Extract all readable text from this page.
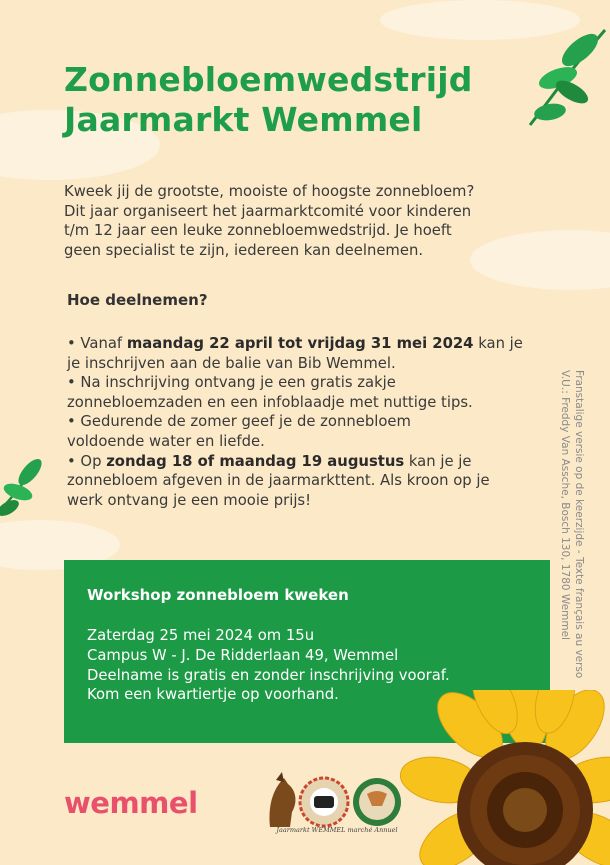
Zonnebloemwedstrijd
Jaarmarkt Wemmel
Kweek jij de grootste, mooiste of hoogste zonnebloem?
Dit jaar organiseert het jaarmarktcomité voor kinderen
t/m 12 jaar een leuke zonnebloemwedstrijd. Je hoeft
geen specialist te zijn, iedereen kan deelnemen.
Hoe deelnemen?

• Vanaf maandag 22 april tot vrijdag 31 mei 2024 kan je

je inschrijven aan de balie van Bib Wemmel.

• Na inschrijving ontvang je een gratis zakje

zonnebloemzaden en een infoblaadje met nuttige tips.

• Gedurende de zomer geef je de zonnebloem

voldoende water en liefde.

• Op zondag 18 of maandag 19 augustus kan je je

zonnebloem afgeven in de jaarmarkttent. Als kroon op je

werk ontvang je een mooie prijs!	Franstalige versie op de keerzijde - Texte français au verso
V.U.: Freddy Van Assche, Bosch 130, 1780 Wemmel
Workshop zonnebloem kweken
Zaterdag 25 mei 2024 om 15u
Campus W - J. De Ridderlaan 49, Wemmel
Deelname is gratis en zonder inschrijving vooraf.
Kom een kwartiertje op voorhand.
wemmel
Jaarmarkt WEMMEL marché Annuel
